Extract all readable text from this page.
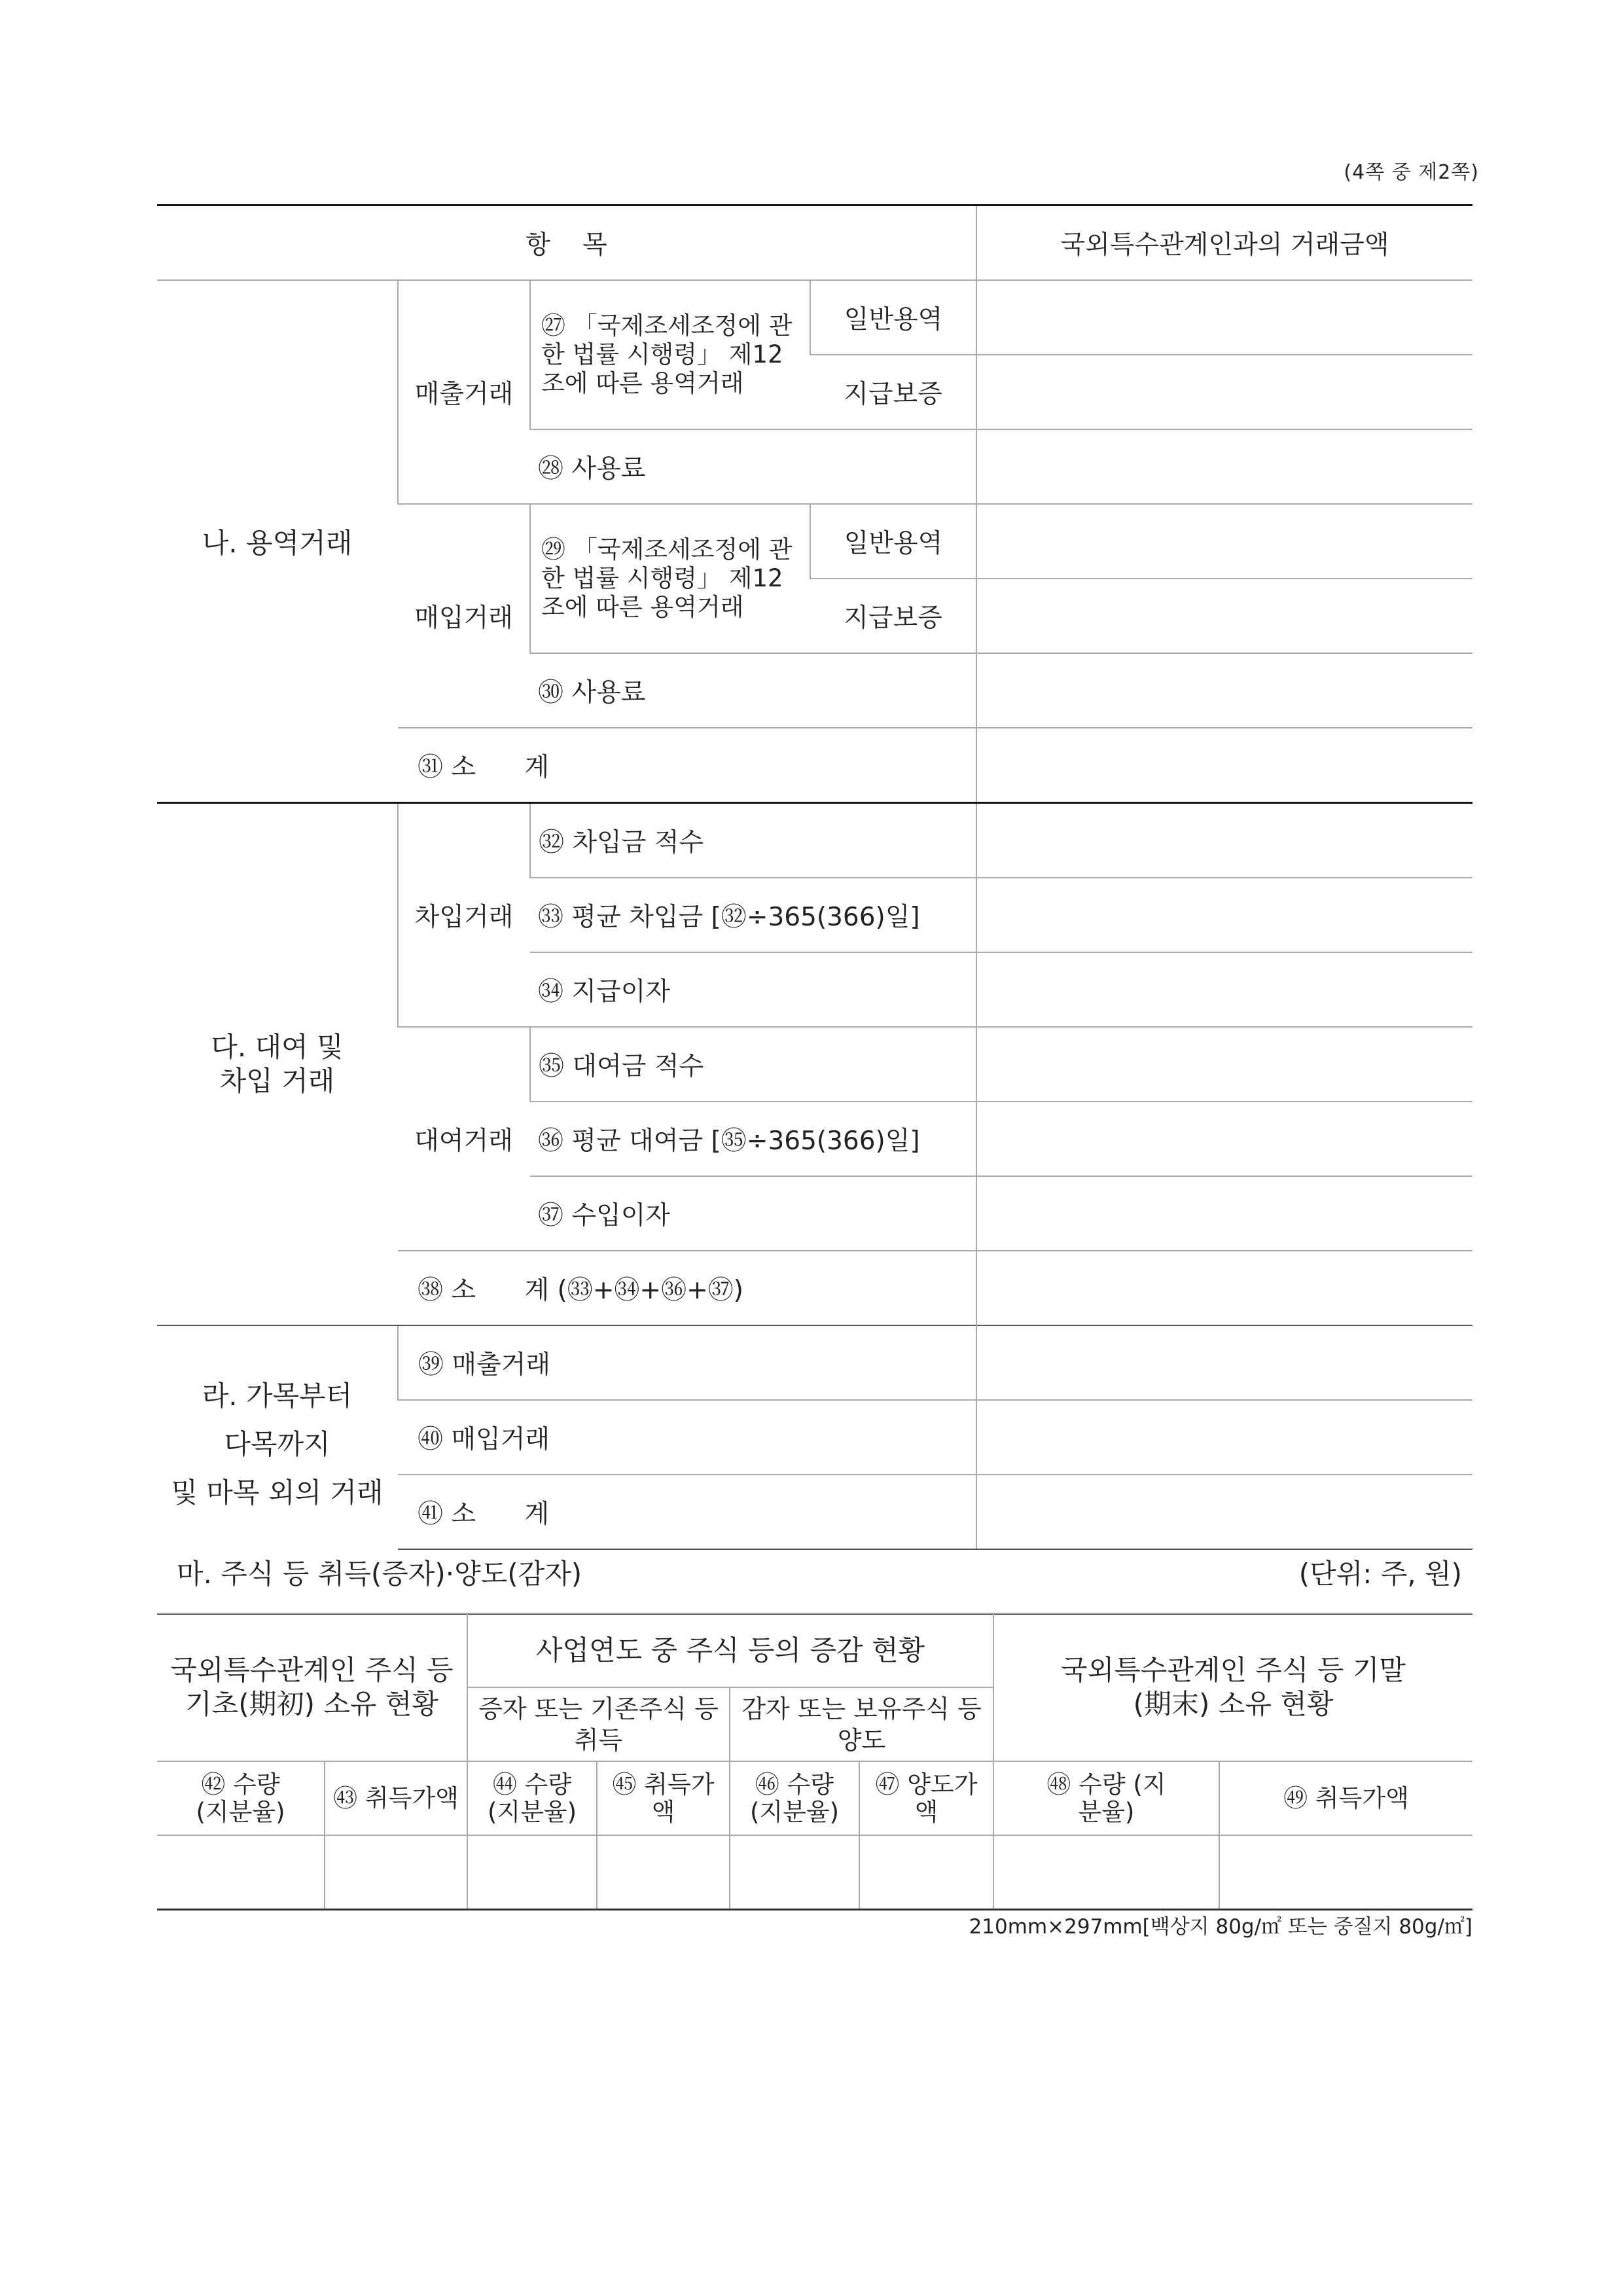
(4쪽 중 제2쪽)
항    목				국외특수관계인과의 거래금액
나. 용역거래	매출거래	㉗ 「국제조세조정에 관한 법률 시행령」 제12조에 따른 용역거래	일반용역	
			지급보증	
		㉘ 사용료		
	매입거래	㉙ 「국제조세조정에 관한 법률 시행령」 제12조에 따른 용역거래	일반용역	
			지급보증	
		㉚ 사용료		
	㉛ 소      계			
다. 대여 및 차입 거래	차입거래	㉜ 차입금 적수		
		㉝ 평균 차입금 [㉜÷365(366)일]		
		㉞ 지급이자		
	대여거래	㉟ 대여금 적수		
		㊱ 평균 대여금 [㉟÷365(366)일]		
		㊲ 수입이자		
	㊳ 소      계 (㉝+㉞+㊱+㊲)			

라. 가목부터
다목까지
및 마목 외의 거래	㊴ 매출거래			
	㊵ 매입거래			
	㊶ 소      계			
마. 주식 등 취득(증자)·양도(감자)	(단위: 주, 원)
국외특수관계인 주식 등 기초(期初) 소유 현황		사업연도 중 주식 등의 증감 현황				국외특수관계인 주식 등 기말(期末) 소유 현황	
		증자 또는 기존주식 등 취득		감자 또는 보유주식 등 양도			
㊷ 수량 (지분율)	㊸ 취득가액	㊹ 수량 (지분율)	㊺ 취득가액	㊻ 수량 (지분율)	㊼ 양도가액	㊽ 수량 (지분율)	㊾ 취득가액

210mm×297mm[백상지 80g/㎡ 또는 중질지 80g/㎡]
